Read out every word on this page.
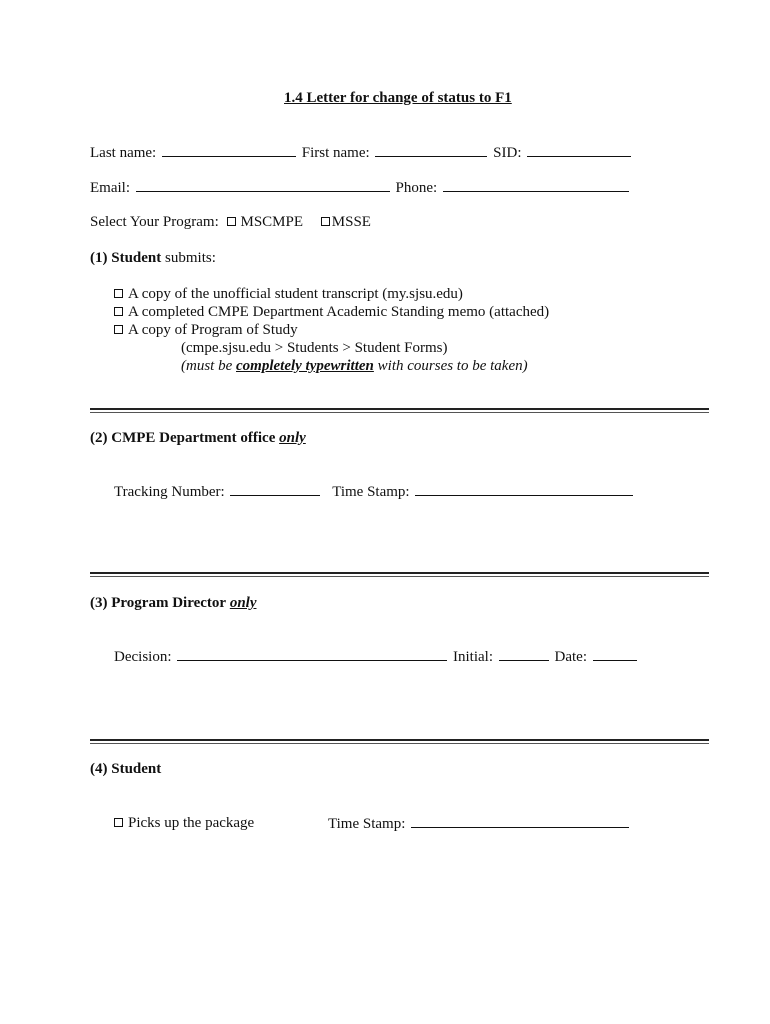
1.4 Letter for change of status to F1
Last name:	First name:	SID:
Email:	Phone:
Select Your Program: MSCMPE MSSE
(1) Student submits:
A copy of the unofficial student transcript (my.sjsu.edu)
A completed CMPE Department Academic Standing memo (attached)
A copy of Program of Study
(cmpe.sjsu.edu > Students > Student Forms)
(must be completely typewritten with courses to be taken)
(2) CMPE Department office only
Tracking Number:	Time Stamp:
(3) Program Director only
Decision:	Initial:	Date:
(4) Student
Picks up the package	Time Stamp:
